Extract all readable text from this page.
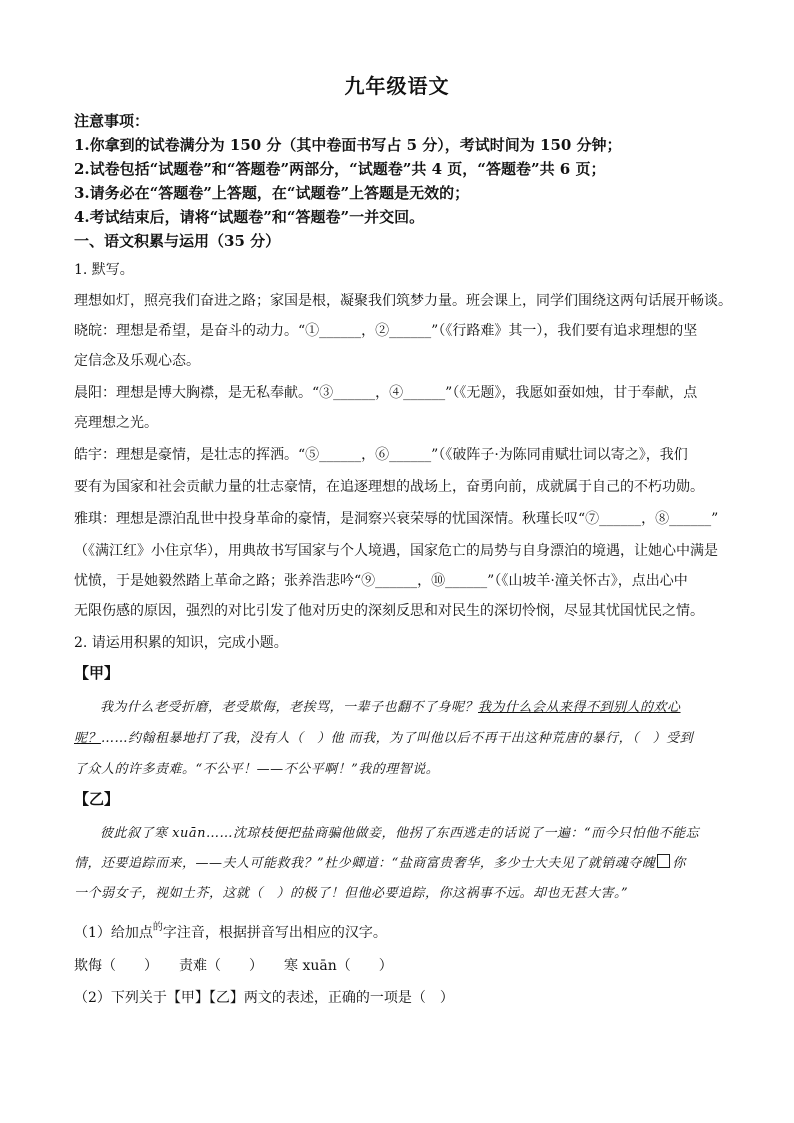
九年级语文
注意事项：
1.你拿到的试卷满分为 150 分（其中卷面书写占 5 分），考试时间为 150 分钟；
2.试卷包括“试题卷”和“答题卷”两部分，“试题卷”共 4 页，“答题卷”共 6 页；
3.请务必在“答题卷”上答题，在“试题卷”上答题是无效的；
4.考试结束后，请将“试题卷”和“答题卷”一并交回。
一、语文积累与运用（35 分）
1. 默写。
理想如灯，照亮我们奋进之路；家国是根，凝聚我们筑梦力量。班会课上，同学们围绕这两句话展开畅谈。
晓皖：理想是希望，是奋斗的动力。“①______，②______”（《行路难》其一），我们要有追求理想的坚
定信念及乐观心态。
晨阳：理想是博大胸襟，是无私奉献。“③______，④______”（《无题》，我愿如蚕如烛，甘于奉献，点
亮理想之光。
皓宇：理想是豪情，是壮志的挥洒。“⑤______，⑥______”（《破阵子·为陈同甫赋壮词以寄之》，我们
要有为国家和社会贡献力量的壮志豪情，在追逐理想的战场上，奋勇向前，成就属于自己的不朽功勋。
雅琪：理想是漂泊乱世中投身革命的豪情，是洞察兴衰荣辱的忧国深情。秋瑾长叹“⑦______，⑧______”
（《满江红》小住京华），用典故书写国家与个人境遇，国家危亡的局势与自身漂泊的境遇，让她心中满是
忧愤，于是她毅然踏上革命之路；张养浩悲吟“⑨______，⑩______”（《山坡羊·潼关怀古》，点出心中
无限伤感的原因，强烈的对比引发了他对历史的深刻反思和对民生的深切怜悯，尽显其忧国忧民之情。
2. 请运用积累的知识，完成小题。
【甲】
我为什么老受折磨，老受欺侮，老挨骂，一辈子也翻不了身呢？我为什么会从来得不到别人的欢心
呢？……约翰租暴地打了我，没有人（　）他 而我，为了叫他以后不再干出这种荒唐的暴行，（　）受到
了众人的许多责难。“不公平！——不公平啊！”我的理智说。
【乙】
彼此叙了寒 xuān……沈琼枝便把盐商骗他做妾，他拐了东西逃走的话说了一遍：“而今只怕他不能忘
情，还要追踪而来，——夫人可能救我？”杜少卿道：“盐商富贵奢华，多少士大夫见了就销魂夺魄 你
一个弱女子，视如土芥，这就（　）的极了！但他必要追踪，你这祸事不远。却也无甚大害。”
（1）给加点$^的$字注音，根据拼音写出相应的汉字。
欺侮（　　）　　责难（　　）　　寒 xuān（　　）
（2）下列关于【甲】【乙】两文的表述，正确的一项是（　）
